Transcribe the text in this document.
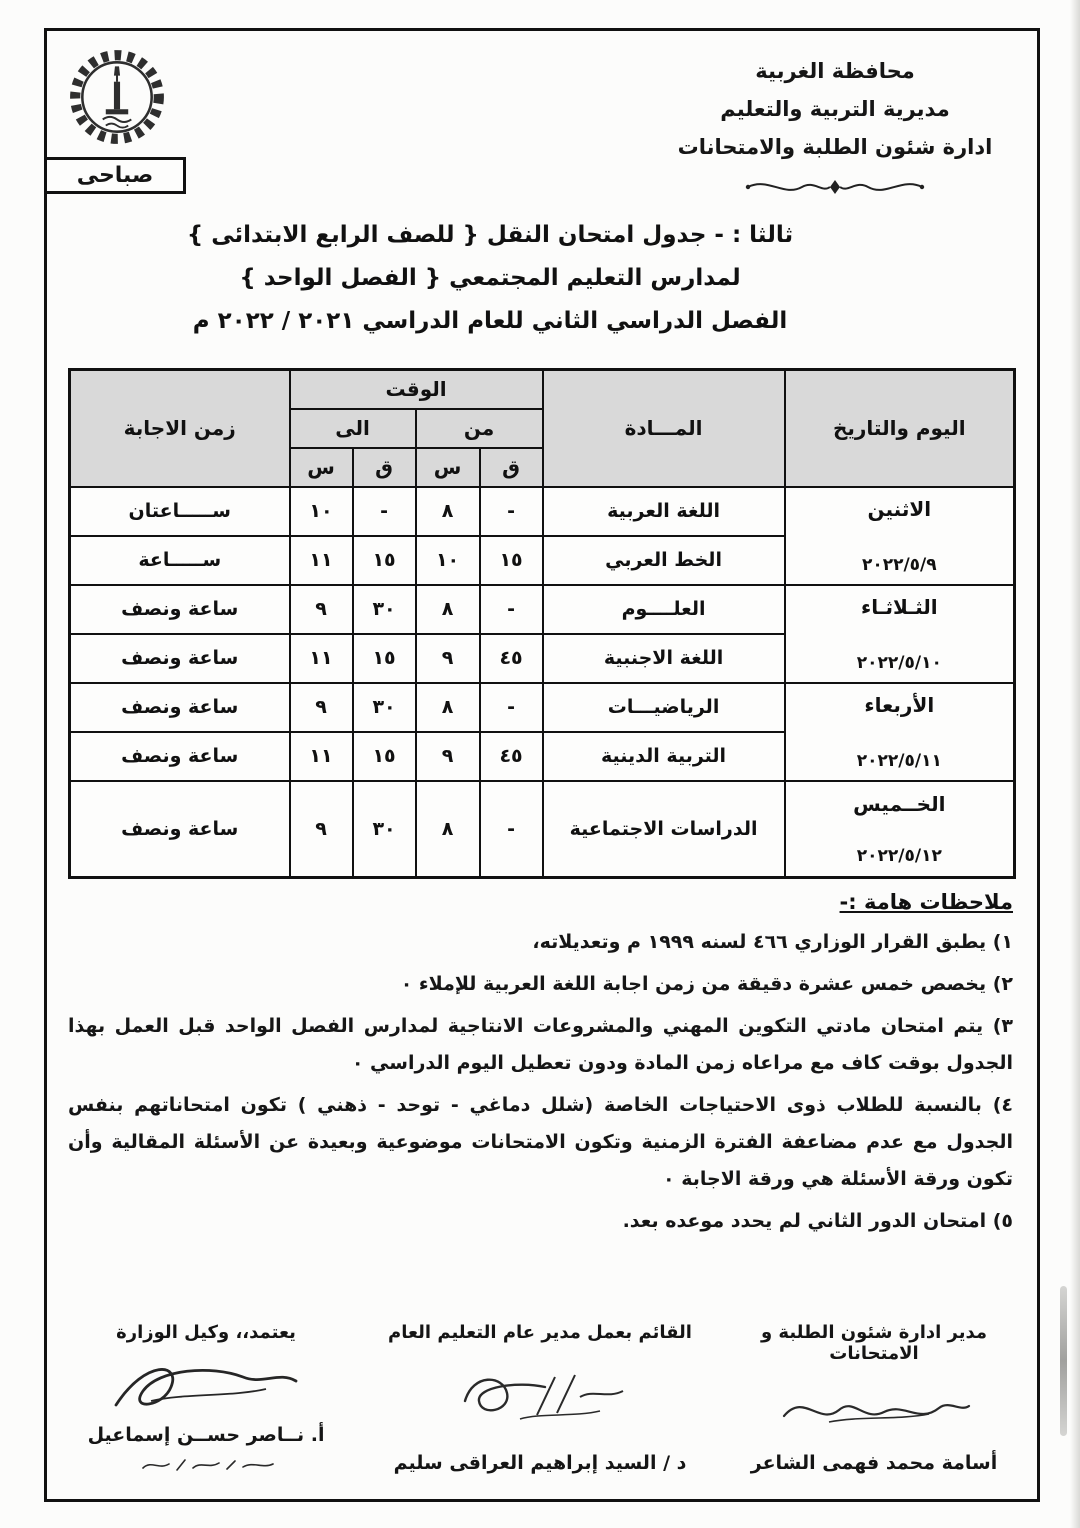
محافظة الغربية
مديرية التربية والتعليم
ادارة شئون الطلبة والامتحانات
صباحى
ثالثا : - جدول امتحان النقل { للصف الرابع الابتدائى }
لمدارس التعليم المجتمعي { الفصل الواحد }
الفصل الدراسي الثاني للعام الدراسي ٢٠٢١ / ٢٠٢٢ م
اليوم والتاريخ	المـــادة	الوقت				زمن الاجابة
		من		الى		
		ق	س	ق	س	

الاثنين
٢٠٢٢/٥/٩	اللغة العربية	-	٨	-	١٠	ســـــاعتان
	الخط العربي	١٥	١٠	١٥	١١	ســـــاعة

الثـلاثـاء
٢٠٢٢/٥/١٠	العلــــوم	-	٨	٣٠	٩	ساعة ونصف
	اللغة الاجنبية	٤٥	٩	١٥	١١	ساعة ونصف

الأربعاء
٢٠٢٢/٥/١١	الرياضيـــات	-	٨	٣٠	٩	ساعة ونصف
	التربية الدينية	٤٥	٩	١٥	١١	ساعة ونصف

الخــميس
٢٠٢٢/٥/١٢	الدراسات الاجتماعية	-	٨	٣٠	٩	ساعة ونصف
ملاحظات هامة :-

١) يطبق القرار الوزاري ٤٦٦ لسنه ١٩٩٩ م وتعديلاته،

٢) يخصص خمس عشرة دقيقة من زمن اجابة اللغة العربية للإملاء ٠

٣) يتم امتحان مادتي التكوين المهني والمشروعات الانتاجية لمدارس الفصل الواحد قبل العمل بهذا الجدول بوقت كاف مع مراعاه زمن المادة ودون تعطيل اليوم الدراسي ٠

٤) بالنسبة للطلاب ذوى الاحتياجات الخاصة (شلل دماغي - توحد - ذهني ) تكون امتحاناتهم بنفس الجدول مع عدم مضاعفة الفترة الزمنية وتكون الامتحانات موضوعية وبعيدة عن الأسئلة المقالية وأن تكون ورقة الأسئلة هي ورقة الاجابة ٠

٥) امتحان الدور الثاني لم يحدد موعده بعد.

مدير ادارة شئون الطلبة و الامتحانات
أسامة محمد فهمى الشاعر
القائم بعمل مدير عام التعليم العام
د / السيد إبراهيم العراقى سليم
يعتمد،، وكيل الوزارة
أ. نــاصر حســن إسماعيل
